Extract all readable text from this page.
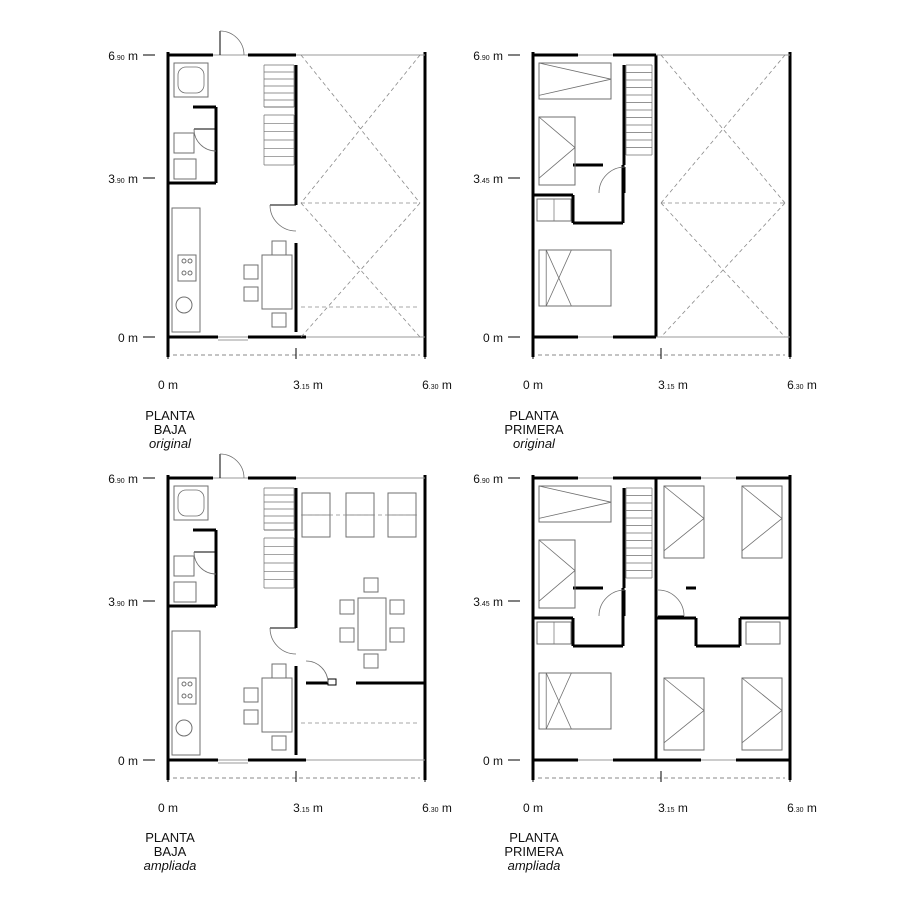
6.90 m
3.90 m
0 m
0 m	3.15 m	6.30 m
6.90 m
3.45 m
0 m
0 m	3.15 m	6.30 m
6.90 m
3.90 m
0 m
0 m	3.15 m	6.30 m
6.90 m
3.45 m
0 m
0 m	3.15 m	6.30 m
PLANTA
BAJA
original
PLANTA
PRIMERA
original
PLANTA
BAJA
ampliada
PLANTA
PRIMERA
ampliada
